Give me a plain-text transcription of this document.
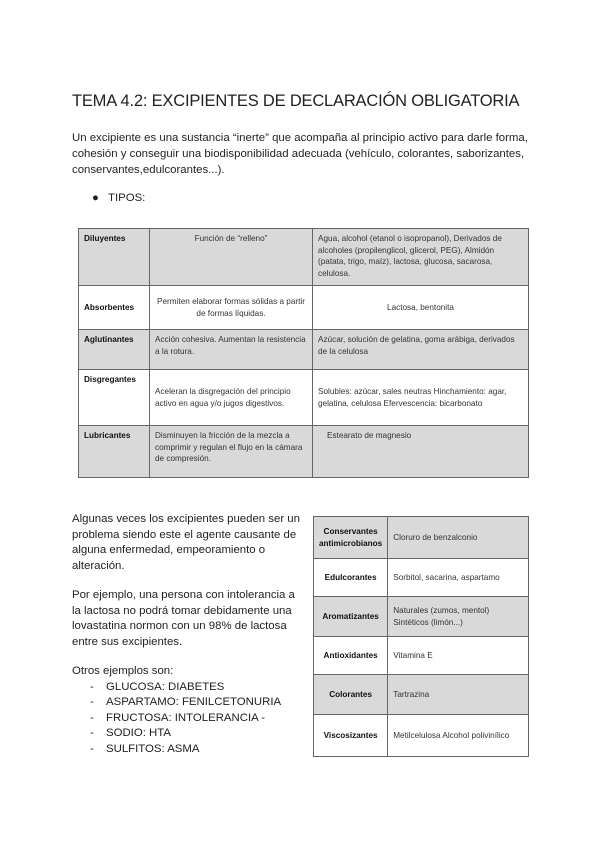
TEMA 4.2: EXCIPIENTES DE DECLARACIÓN OBLIGATORIA

Un excipiente es una sustancia “inerte” que acompaña al principio activo para darle forma, cohesión y conseguir una biodisponibilidad adecuada (vehículo, colorantes, saborizantes, conservantes,edulcorantes...).

● TIPOS:
Diluyentes	Función de “relleno”	Agua, alcohol (etanol o isopropanol), Derivados de alcoholes (propilenglicol, glicerol, PEG), Almidón (patata, trigo, maíz), lactosa, glucosa, sacarosa, celulosa.
Absorbentes	Permiten elaborar formas sólidas a partir de formas líquidas.	Lactosa, bentonita
Aglutinantes	Acción cohesiva. Aumentan la resistencia a la rotura.	Azúcar, solución de gelatina, goma arábiga, derivados de la celulosa
Disgregantes	Aceleran la disgregación del principio activo en agua y/o jugos digestivos.	Solubles: azúcar, sales neutras Hinchamiento: agar, gelatina, celulosa Efervescencia: bicarbonato
Lubricantes	Disminuyen la fricción de la mezcla a comprimir y regulan el flujo en la cámara de compresión.	Estearato de magnesio

Algunas veces los excipientes pueden ser un problema siendo este el agente causante de alguna enfermedad, empeoramiento o alteración.

Por ejemplo, una persona con intolerancia a la lactosa no podrá tomar debidamente una lovastatina normon con un 98% de lactosa entre sus excipientes.

Otros ejemplos son:

- GLUCOSA: DIABETES
- ASPARTAMO: FENILCETONURIA
- FRUCTOSA: INTOLERANCIA -
- SODIO: HTA
- SULFITOS: ASMA
Conservantes antimicrobianos	Cloruro de benzalconio
Edulcorantes	Sorbitol, sacarina, aspartamo
Aromatizantes	Naturales (zumos, mentol) Sintéticos (limón...)
Antioxidantes	Vitamina E
Colorantes	Tartrazina
Viscosizantes	Metilcelulosa Alcohol polivinílico
